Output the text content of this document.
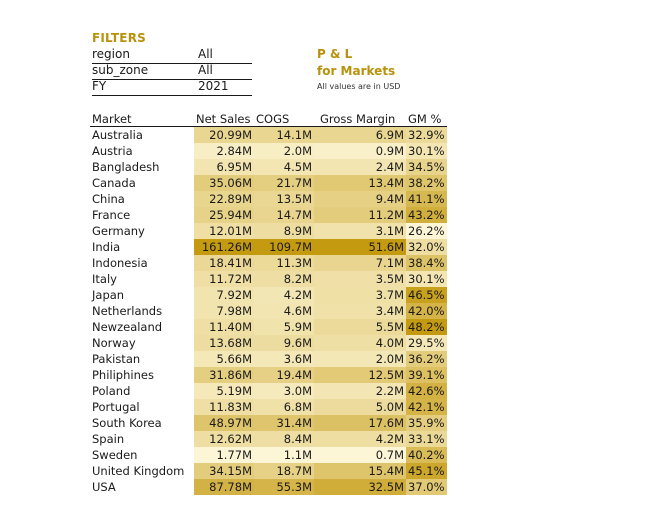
FILTERS
region	All
sub_zone	All
FY	2021
P & L
for Markets
All values are in USD
Market	Net Sales	COGS	Gross Margin	GM %
Australia	20.99M	14.1M	6.9M	32.9%
Austria	2.84M	2.0M	0.9M	30.1%
Bangladesh	6.95M	4.5M	2.4M	34.5%
Canada	35.06M	21.7M	13.4M	38.2%
China	22.89M	13.5M	9.4M	41.1%
France	25.94M	14.7M	11.2M	43.2%
Germany	12.01M	8.9M	3.1M	26.2%
India	161.26M	109.7M	51.6M	32.0%
Indonesia	18.41M	11.3M	7.1M	38.4%
Italy	11.72M	8.2M	3.5M	30.1%
Japan	7.92M	4.2M	3.7M	46.5%
Netherlands	7.98M	4.6M	3.4M	42.0%
Newzealand	11.40M	5.9M	5.5M	48.2%
Norway	13.68M	9.6M	4.0M	29.5%
Pakistan	5.66M	3.6M	2.0M	36.2%
Philiphines	31.86M	19.4M	12.5M	39.1%
Poland	5.19M	3.0M	2.2M	42.6%
Portugal	11.83M	6.8M	5.0M	42.1%
South Korea	48.97M	31.4M	17.6M	35.9%
Spain	12.62M	8.4M	4.2M	33.1%
Sweden	1.77M	1.1M	0.7M	40.2%
United Kingdom	34.15M	18.7M	15.4M	45.1%
USA	87.78M	55.3M	32.5M	37.0%
